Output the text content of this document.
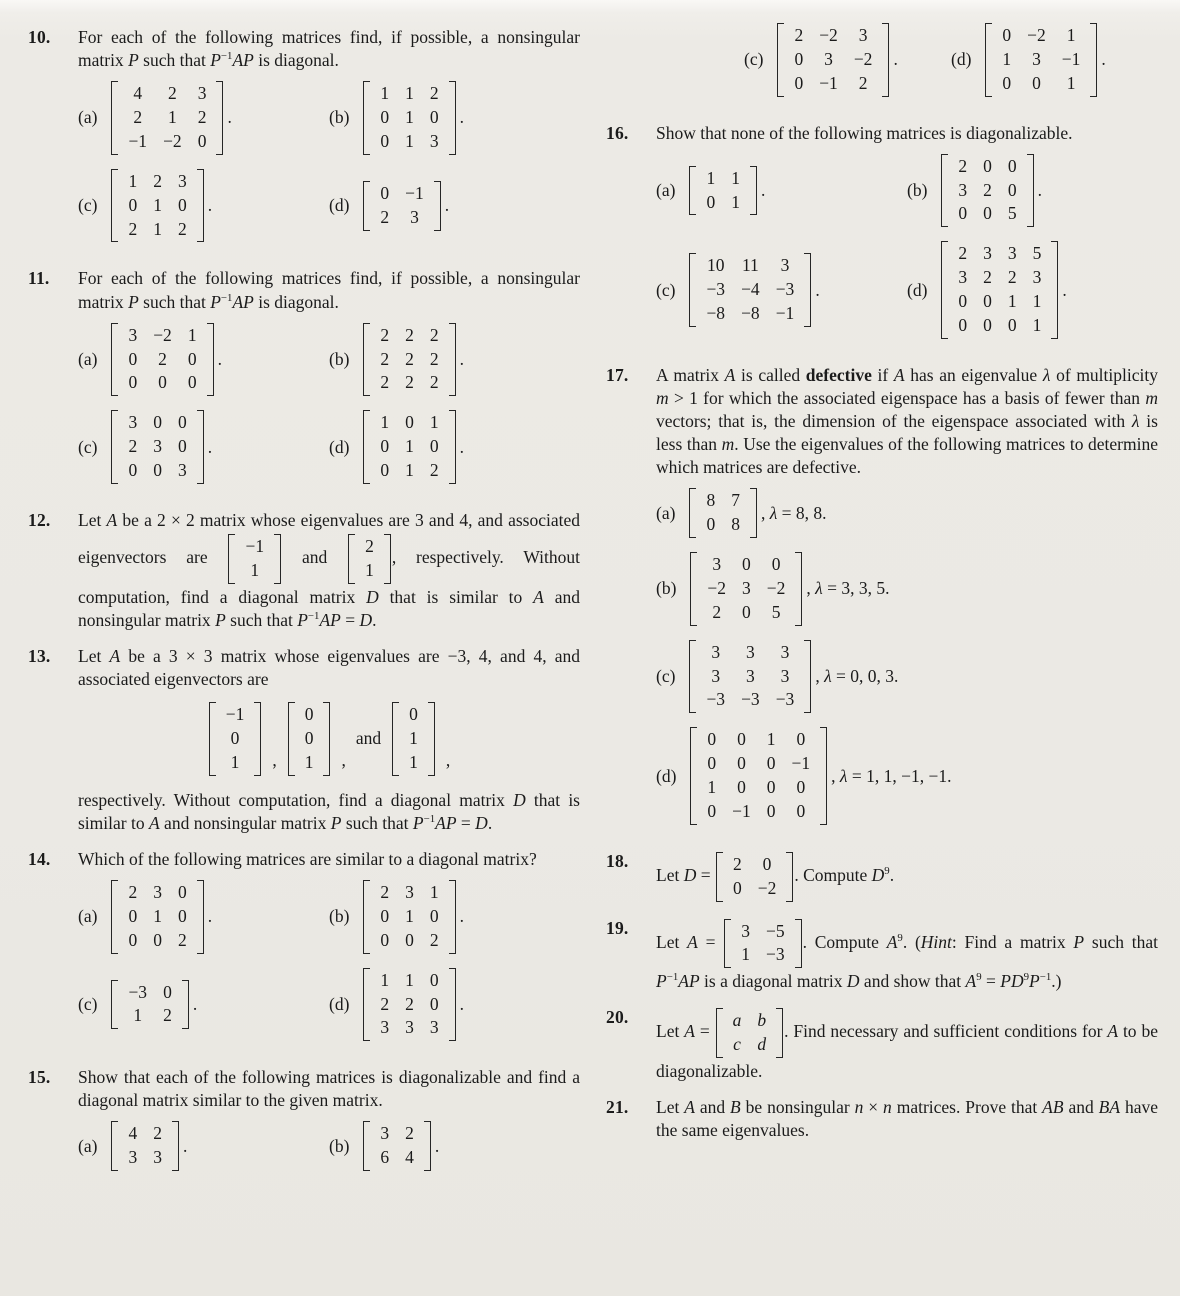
10.	For each of the following matrices find, if possible, a nonsingular matrix P such that $P^{-1}AP$ is diagonal.
(a)
4	2	3
2	1	2
−1	−2	0
.	(b)
1	1	2
0	1	0
0	1	3
.
(c)
1	2	3
0	1	0
2	1	2
.	(d)
0	−1
2	3
.
11.	For each of the following matrices find, if possible, a nonsingular matrix P such that $P^{-1}AP$ is diagonal.
(a)
3	−2	1
0	2	0
0	0	0
.	(b)
2	2	2
2	2	2
2	2	2
.
(c)
3	0	0
2	3	0
0	0	3
.	(d)
1	0	1
0	1	0
0	1	2
.
12.	Let A be a 2 × 2 matrix whose eigenvalues are 3 and 4, and associated eigenvectors are
−1
1
and
2
1
, respectively. Without computation, find a diagonal matrix D that is similar to A and nonsingular matrix P such that $P^{-1}AP = D$.
13.	Let A be a 3 × 3 matrix whose eigenvalues are −3, 4, and 4, and associated eigenvectors are
−1
0
1 ,
0
0
1 ,
and
0
1
1 ,
respectively. Without computation, find a diagonal matrix D that is similar to A and nonsingular matrix P such that $P^{-1}AP = D$.
14.	Which of the following matrices are similar to a diagonal matrix?
(a)
2	3	0
0	1	0
0	0	2
.	(b)
2	3	1
0	1	0
0	0	2
.
(c)
−3	0
1	2
.	(d)
1	1	0
2	2	0
3	3	3
.
15.	Show that each of the following matrices is diagonalizable and find a diagonal matrix similar to the given matrix.
(a)
4	2
3	3
.	(b)
3	2
6	4
.
(c)
2	−2	3
0	3	−2
0	−1	2
.	(d)
0	−2	1
1	3	−1
0	0	1
.
16.	Show that none of the following matrices is diagonalizable.
(a)
1	1
0	1
.	(b)
2	0	0
3	2	0
0	0	5
.
(c)
10	11	3
−3	−4	−3
−8	−8	−1
.	(d)
2	3	3	5
3	2	2	3
0	0	1	1
0	0	0	1
.
17.	A matrix A is called defective if A has an eigenvalue λ of multiplicity m > 1 for which the associated eigenspace has a basis of fewer than m vectors; that is, the dimension of the eigenspace associated with λ is less than m. Use the eigenvalues of the following matrices to determine which matrices are defective.
(a)
8	7
0	8
, λ = 8, 8.
(b)
3	0	0
−2	3	−2
2	0	5
, λ = 3, 3, 5.
(c)
3	3	3
3	3	3
−3	−3	−3
, λ = 0, 0, 3.
(d)
0	0	1	0
0	0	0	−1
1	0	0	0
0	−1	0	0
, λ = 1, 1, −1, −1.
18.
Let D =
2	0
0	−2
. Compute $D^9$.
19.
Let A =
3	−5
1	−3
. Compute $A^9$. (Hint: Find a matrix P such that $P^{-1}AP$ is a diagonal matrix D and show that $A^9 = PD^9P^{-1}$.)
20.
Let A =
a	b
c	d
. Find necessary and sufficient conditions for A to be diagonalizable.
21.	Let A and B be nonsingular n × n matrices. Prove that AB and BA have the same eigenvalues.
